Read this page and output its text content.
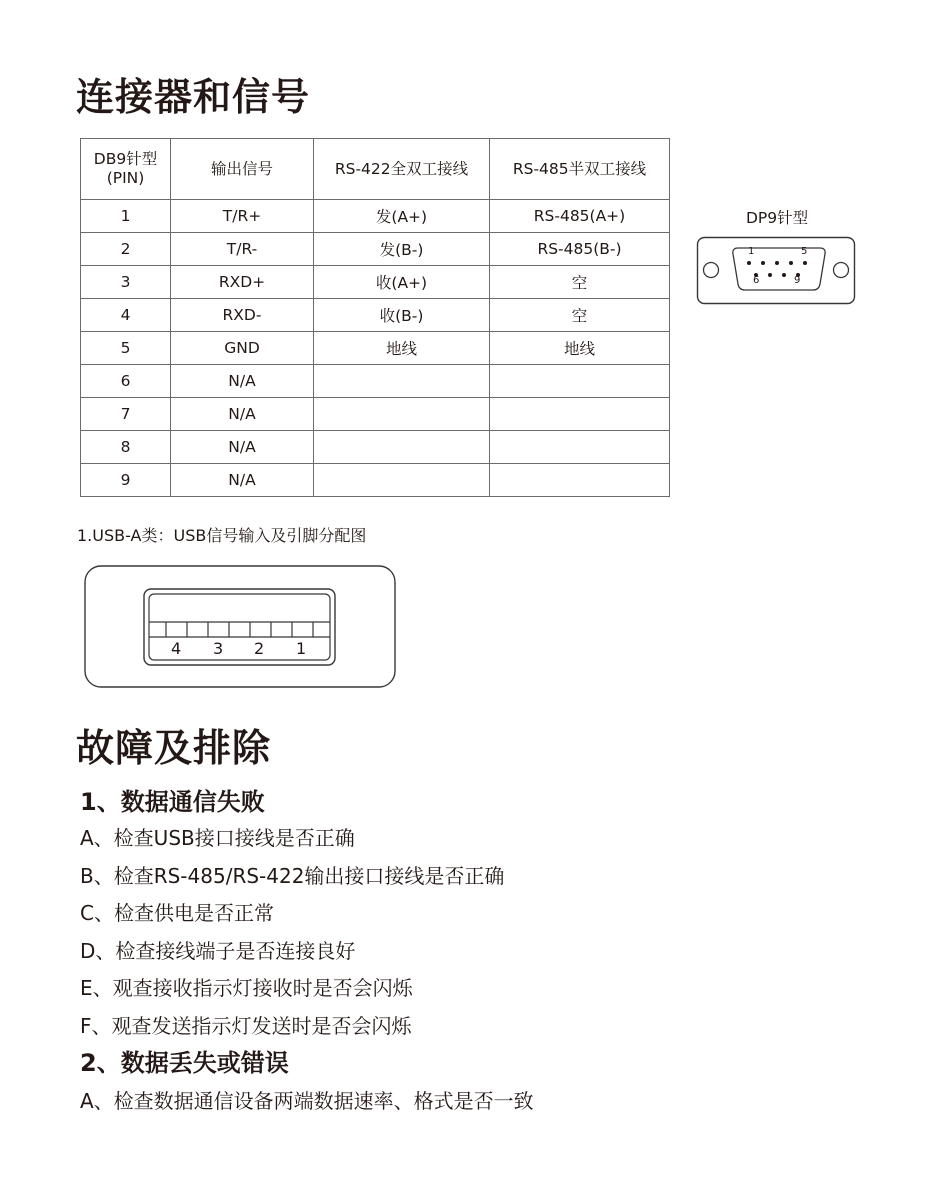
连接器和信号
DB9针型
(PIN)	输出信号	RS-422全双工接线	RS-485半双工接线
1	T/R+	发(A+)	RS-485(A+)
2	T/R-	发(B-)	RS-485(B-)
3	RXD+	收(A+)	空
4	RXD-	收(B-)	空
5	GND	地线	地线
6	N/A		
7	N/A		
8	N/A		
9	N/A		
DP9针型
1	5
6	9
1.USB-A类：USB信号输入及引脚分配图
4 3 2 1
故障及排除
1、数据通信失败
A、检查USB接口接线是否正确
B、检查RS-485/RS-422输出接口接线是否正确
C、检查供电是否正常
D、检查接线端子是否连接良好
E、观查接收指示灯接收时是否会闪烁
F、观查发送指示灯发送时是否会闪烁
2、数据丢失或错误
A、检查数据通信设备两端数据速率、格式是否一致
